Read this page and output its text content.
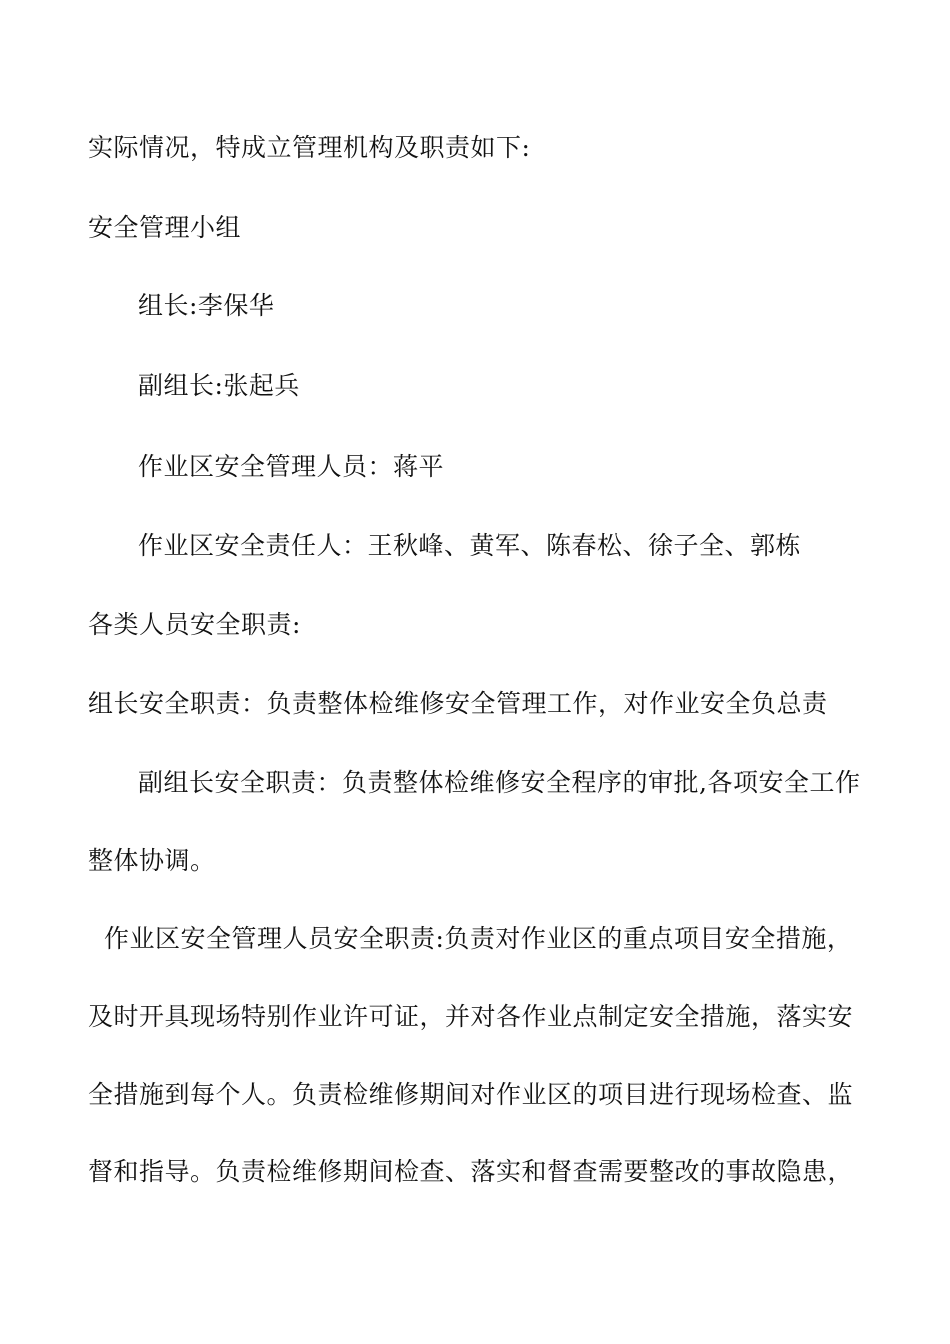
实际情况，特成立管理机构及职责如下:
安全管理小组
组长:李保华
副组长:张起兵
作业区安全管理人员：蒋平
作业区安全责任人：王秋峰、黄军、陈春松、徐子全、郭栋
各类人员安全职责:
组长安全职责：负责整体检维修安全管理工作，对作业安全负总责
副组长安全职责：负责整体检维修安全程序的审批,各项安全工作
整体协调。
作业区安全管理人员安全职责:负责对作业区的重点项目安全措施，
及时开具现场特别作业许可证，并对各作业点制定安全措施，落实安
全措施到每个人。负责检维修期间对作业区的项目进行现场检查、监
督和指导。负责检维修期间检查、落实和督查需要整改的事故隐患，
